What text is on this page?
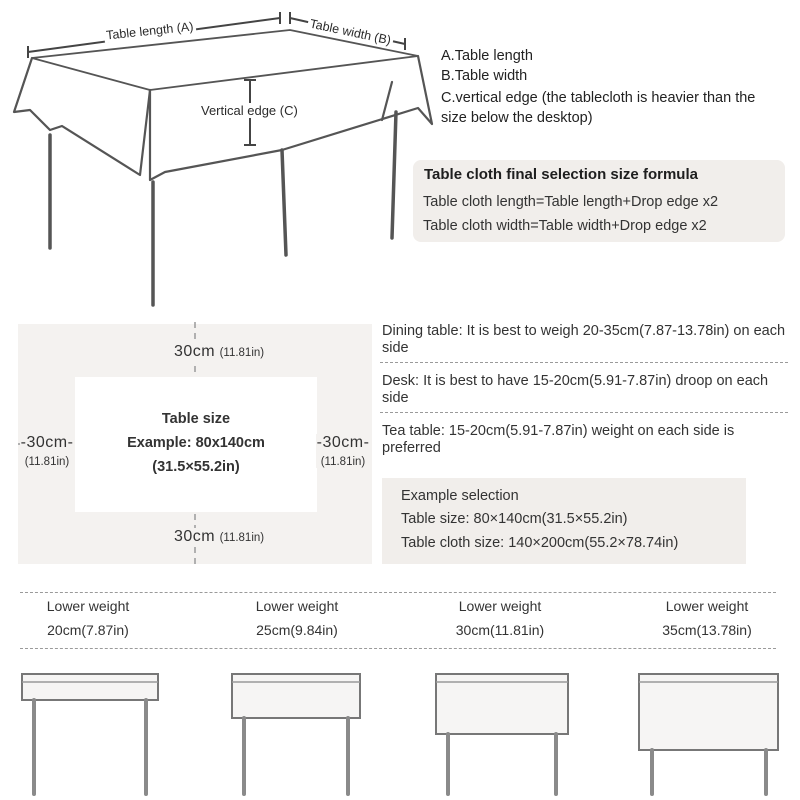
Table length (A)	Table width (B)
Vertical edge (C)
A.Table length
B.Table width
C.vertical edge (the tablecloth is heavier than the
size below the desktop)
Table cloth final selection size formula
Table cloth length=Table length+Drop edge x2
Table cloth width=Table width+Drop edge x2
30cm (11.81in)
30cm (11.81in)
-30cm-
(11.81in)
-30cm-
(11.81in)
Table size
Example: 80x140cm
(31.5×55.2in)
Dining table: It is best to weigh 20-35cm(7.87-13.78in) on each side
Desk: It is best to have 15-20cm(5.91-7.87in) droop on each side
Tea table: 15-20cm(5.91-7.87in) weight on each side is preferred
Example selection
Table size: 80×140cm(31.5×55.2in)
Table cloth size: 140×200cm(55.2×78.74in)
Lower weight
20cm(7.87in)
Lower weight
25cm(9.84in)
Lower weight
30cm(11.81in)
Lower weight
35cm(13.78in)
